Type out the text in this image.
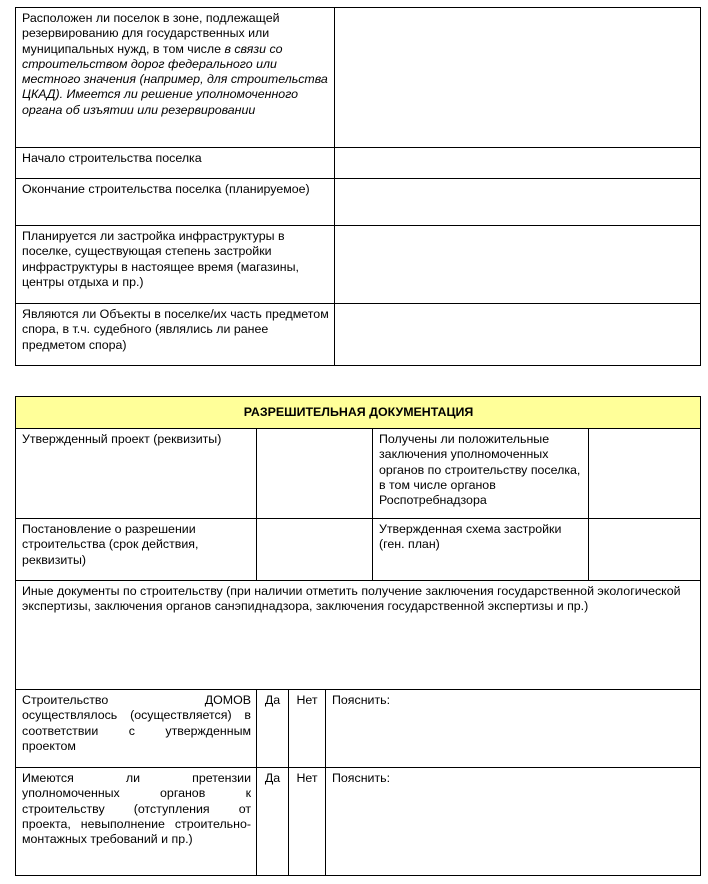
Расположен ли поселок в зоне, подлежащей резервированию для государственных или муниципальных нужд, в том числе в связи со строительством дорог федерального или местного значения (например, для строительства ЦКАД). Имеется ли решение уполномоченного органа об изъятии или резервировании	
Начало строительства поселка	
Окончание строительства поселка (планируемое)	
Планируется ли застройка инфраструктуры в поселке, существующая степень застройки инфраструктуры в настоящее время (магазины, центры отдыха и пр.)	
Являются ли Объекты в поселке/их часть предметом спора, в т.ч. судебного (являлись ли ранее предметом спора)	
РАЗРЕШИТЕЛЬНАЯ ДОКУМЕНТАЦИЯ					
Утвержденный проект (реквизиты)				Получены ли положительные заключения уполномоченных органов по строительству поселка, в том числе органов Роспотребнадзора	
Постановление о разрешении строительства (срок действия, реквизиты)				Утвержденная схема застройки (ген. план)	
Иные документы по строительству (при наличии отметить получение заключения государственной экологической экспертизы, заключения органов санэпиднадзора, заключения государственной экспертизы и пр.)					
Строительство ДОМОВ осуществлялось (осуществляется) в соответствии с утвержденным проектом	Да	Нет	Пояснить:		
Имеются ли претензии уполномоченных органов к строительству (отступления от проекта, невыполнение строительно-монтажных требований и пр.)	Да	Нет	Пояснить:		
